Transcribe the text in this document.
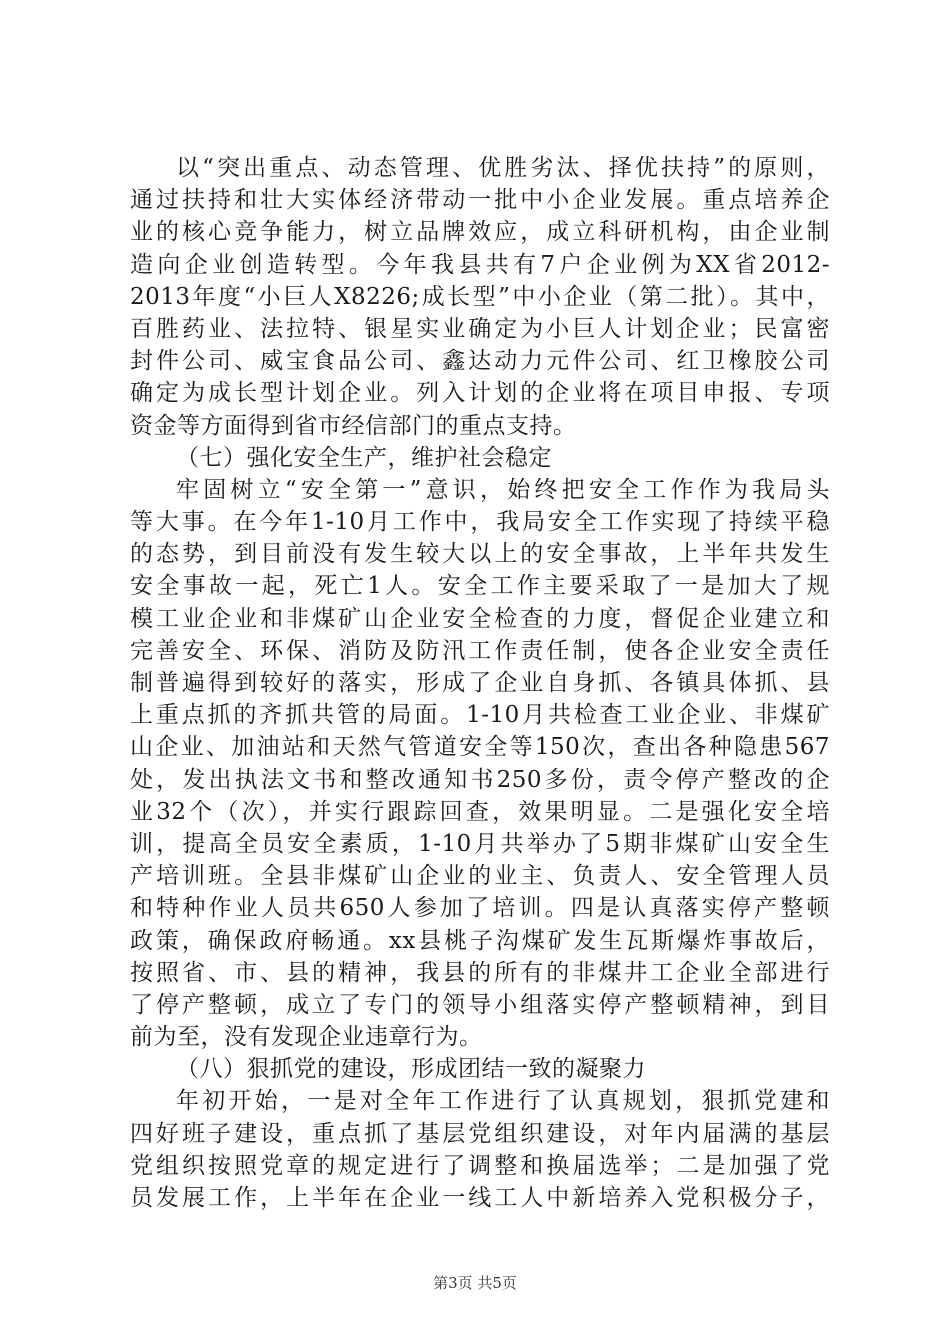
以“突出重点、动态管理、优胜劣汰、择优扶持”的原则，
通过扶持和壮大实体经济带动一批中小企业发展。重点培养企
业的核心竞争能力，树立品牌效应，成立科研机构，由企业制
造向企业创造转型。今年我县共有7户企业例为XX省2012-
2013年度“小巨人X8226;成长型”中小企业（第二批）。其中，
百胜药业、法拉特、银星实业确定为小巨人计划企业；民富密
封件公司、威宝食品公司、鑫达动力元件公司、红卫橡胶公司
确定为成长型计划企业。列入计划的企业将在项目申报、专项
资金等方面得到省市经信部门的重点支持。
（七）强化安全生产，维护社会稳定
牢固树立“安全第一”意识，始终把安全工作作为我局头
等大事。在今年1-10月工作中，我局安全工作实现了持续平稳
的态势，到目前没有发生较大以上的安全事故，上半年共发生
安全事故一起，死亡1人。安全工作主要采取了一是加大了规
模工业企业和非煤矿山企业安全检查的力度，督促企业建立和
完善安全、环保、消防及防汛工作责任制，使各企业安全责任
制普遍得到较好的落实，形成了企业自身抓、各镇具体抓、县
上重点抓的齐抓共管的局面。1-10月共检查工业企业、非煤矿
山企业、加油站和天然气管道安全等150次，查出各种隐患567
处，发出执法文书和整改通知书250多份，责令停产整改的企
业32个（次），并实行跟踪回查，效果明显。二是强化安全培
训，提高全员安全素质，1-10月共举办了5期非煤矿山安全生
产培训班。全县非煤矿山企业的业主、负责人、安全管理人员
和特种作业人员共650人参加了培训。四是认真落实停产整顿
政策，确保政府畅通。xx县桃子沟煤矿发生瓦斯爆炸事故后，
按照省、市、县的精神，我县的所有的非煤井工企业全部进行
了停产整顿，成立了专门的领导小组落实停产整顿精神，到目
前为至，没有发现企业违章行为。
（八）狠抓党的建设，形成团结一致的凝聚力
年初开始，一是对全年工作进行了认真规划，狠抓党建和
四好班子建设，重点抓了基层党组织建设，对年内届满的基层
党组织按照党章的规定进行了调整和换届选举；二是加强了党
员发展工作，上半年在企业一线工人中新培养入党积极分子，
第3页 共5页
